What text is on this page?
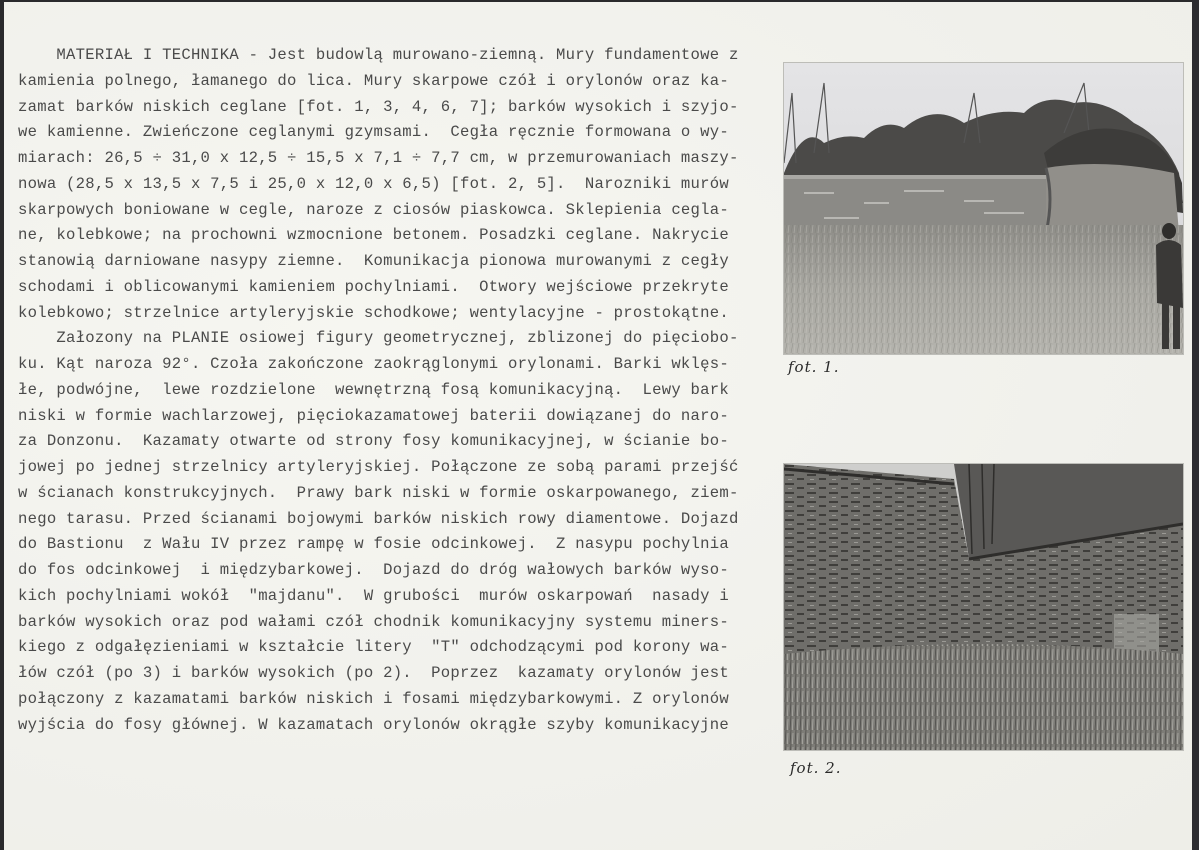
MATERIAŁ I TECHNIKA - Jest budowlą murowano-ziemną. Mury fundamentowe z
kamienia polnego, łamanego do lica. Mury skarpowe czół i orylonów oraz ka-
zamat barków niskich ceglane [fot. 1, 3, 4, 6, 7]; barków wysokich i szyjo-
we kamienne. Zwieńczone ceglanymi gzymsami.  Cegła ręcznie formowana o wy-
miarach: 26,5 ÷ 31,0 x 12,5 ÷ 15,5 x 7,1 ÷ 7,7 cm, w przemurowaniach maszy-
nowa (28,5 x 13,5 x 7,5 i 25,0 x 12,0 x 6,5) [fot. 2, 5].  Narozniki murów
skarpowych boniowane w cegle, naroze z ciosów piaskowca. Sklepienia cegla-
ne, kolebkowe; na prochowni wzmocnione betonem. Posadzki ceglane. Nakrycie
stanowią darniowane nasypy ziemne.  Komunikacja pionowa murowanymi z cegły
schodami i oblicowanymi kamieniem pochylniami.  Otwory wejściowe przekryte
kolebkowo; strzelnice artyleryjskie schodkowe; wentylacyjne - prostokątne.
Załozony na PLANIE osiowej figury geometrycznej, zblizonej do pięciobo-
ku. Kąt naroza 92°. Czoła zakończone zaokrąglonymi orylonami. Barki wklęs-
łe, podwójne,  lewe rozdzielone  wewnętrzną fosą komunikacyjną.  Lewy bark
niski w formie wachlarzowej, pięciokazamatowej baterii dowiązanej do naro-
za Donzonu.  Kazamaty otwarte od strony fosy komunikacyjnej, w ścianie bo-
jowej po jednej strzelnicy artyleryjskiej. Połączone ze sobą parami przejść
w ścianach konstrukcyjnych.  Prawy bark niski w formie oskarpowanego, ziem-
nego tarasu. Przed ścianami bojowymi barków niskich rowy diamentowe. Dojazd
do Bastionu  z Wału IV przez rampę w fosie odcinkowej.  Z nasypu pochylnia
do fos odcinkowej  i międzybarkowej.  Dojazd do dróg wałowych barków wyso-
kich pochylniami wokół  "majdanu".  W grubości  murów oskarpowań  nasady i
barków wysokich oraz pod wałami czół chodnik komunikacyjny systemu miners-
kiego z odgałęzieniami w kształcie litery  "T" odchodzącymi pod korony wa-
łów czół (po 3) i barków wysokich (po 2).  Poprzez  kazamaty orylonów jest
połączony z kazamatami barków niskich i fosami międzybarkowymi. Z orylonów
wyjścia do fosy głównej. W kazamatach orylonów okrągłe szyby komunikacyjne
fot. 1.
fot. 2.
